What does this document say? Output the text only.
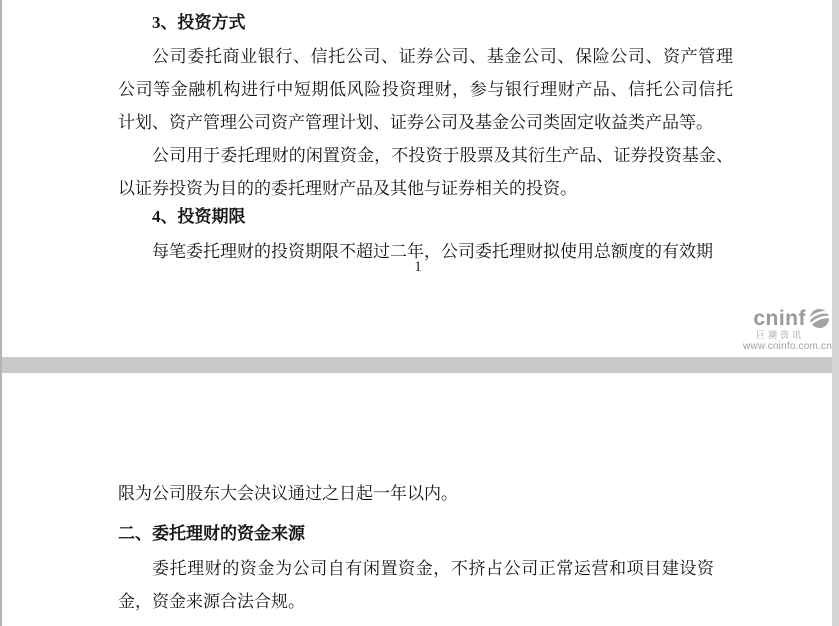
3、投资方式
公司委托商业银行、信托公司、证券公司、基金公司、保险公司、资产管理
公司等金融机构进行中短期低风险投资理财，参与银行理财产品、信托公司信托
计划、资产管理公司资产管理计划、证券公司及基金公司类固定收益类产品等。
公司用于委托理财的闲置资金，不投资于股票及其衍生产品、证券投资基金、
以证券投资为目的的委托理财产品及其他与证券相关的投资。
4、投资期限
每笔委托理财的投资期限不超过二年，公司委托理财拟使用总额度的有效期
1
cninf
巨潮资讯
www.cninfo.com.cn
限为公司股东大会决议通过之日起一年以内。
二、委托理财的资金来源
委托理财的资金为公司自有闲置资金，不挤占公司正常运营和项目建设资
金，资金来源合法合规。
